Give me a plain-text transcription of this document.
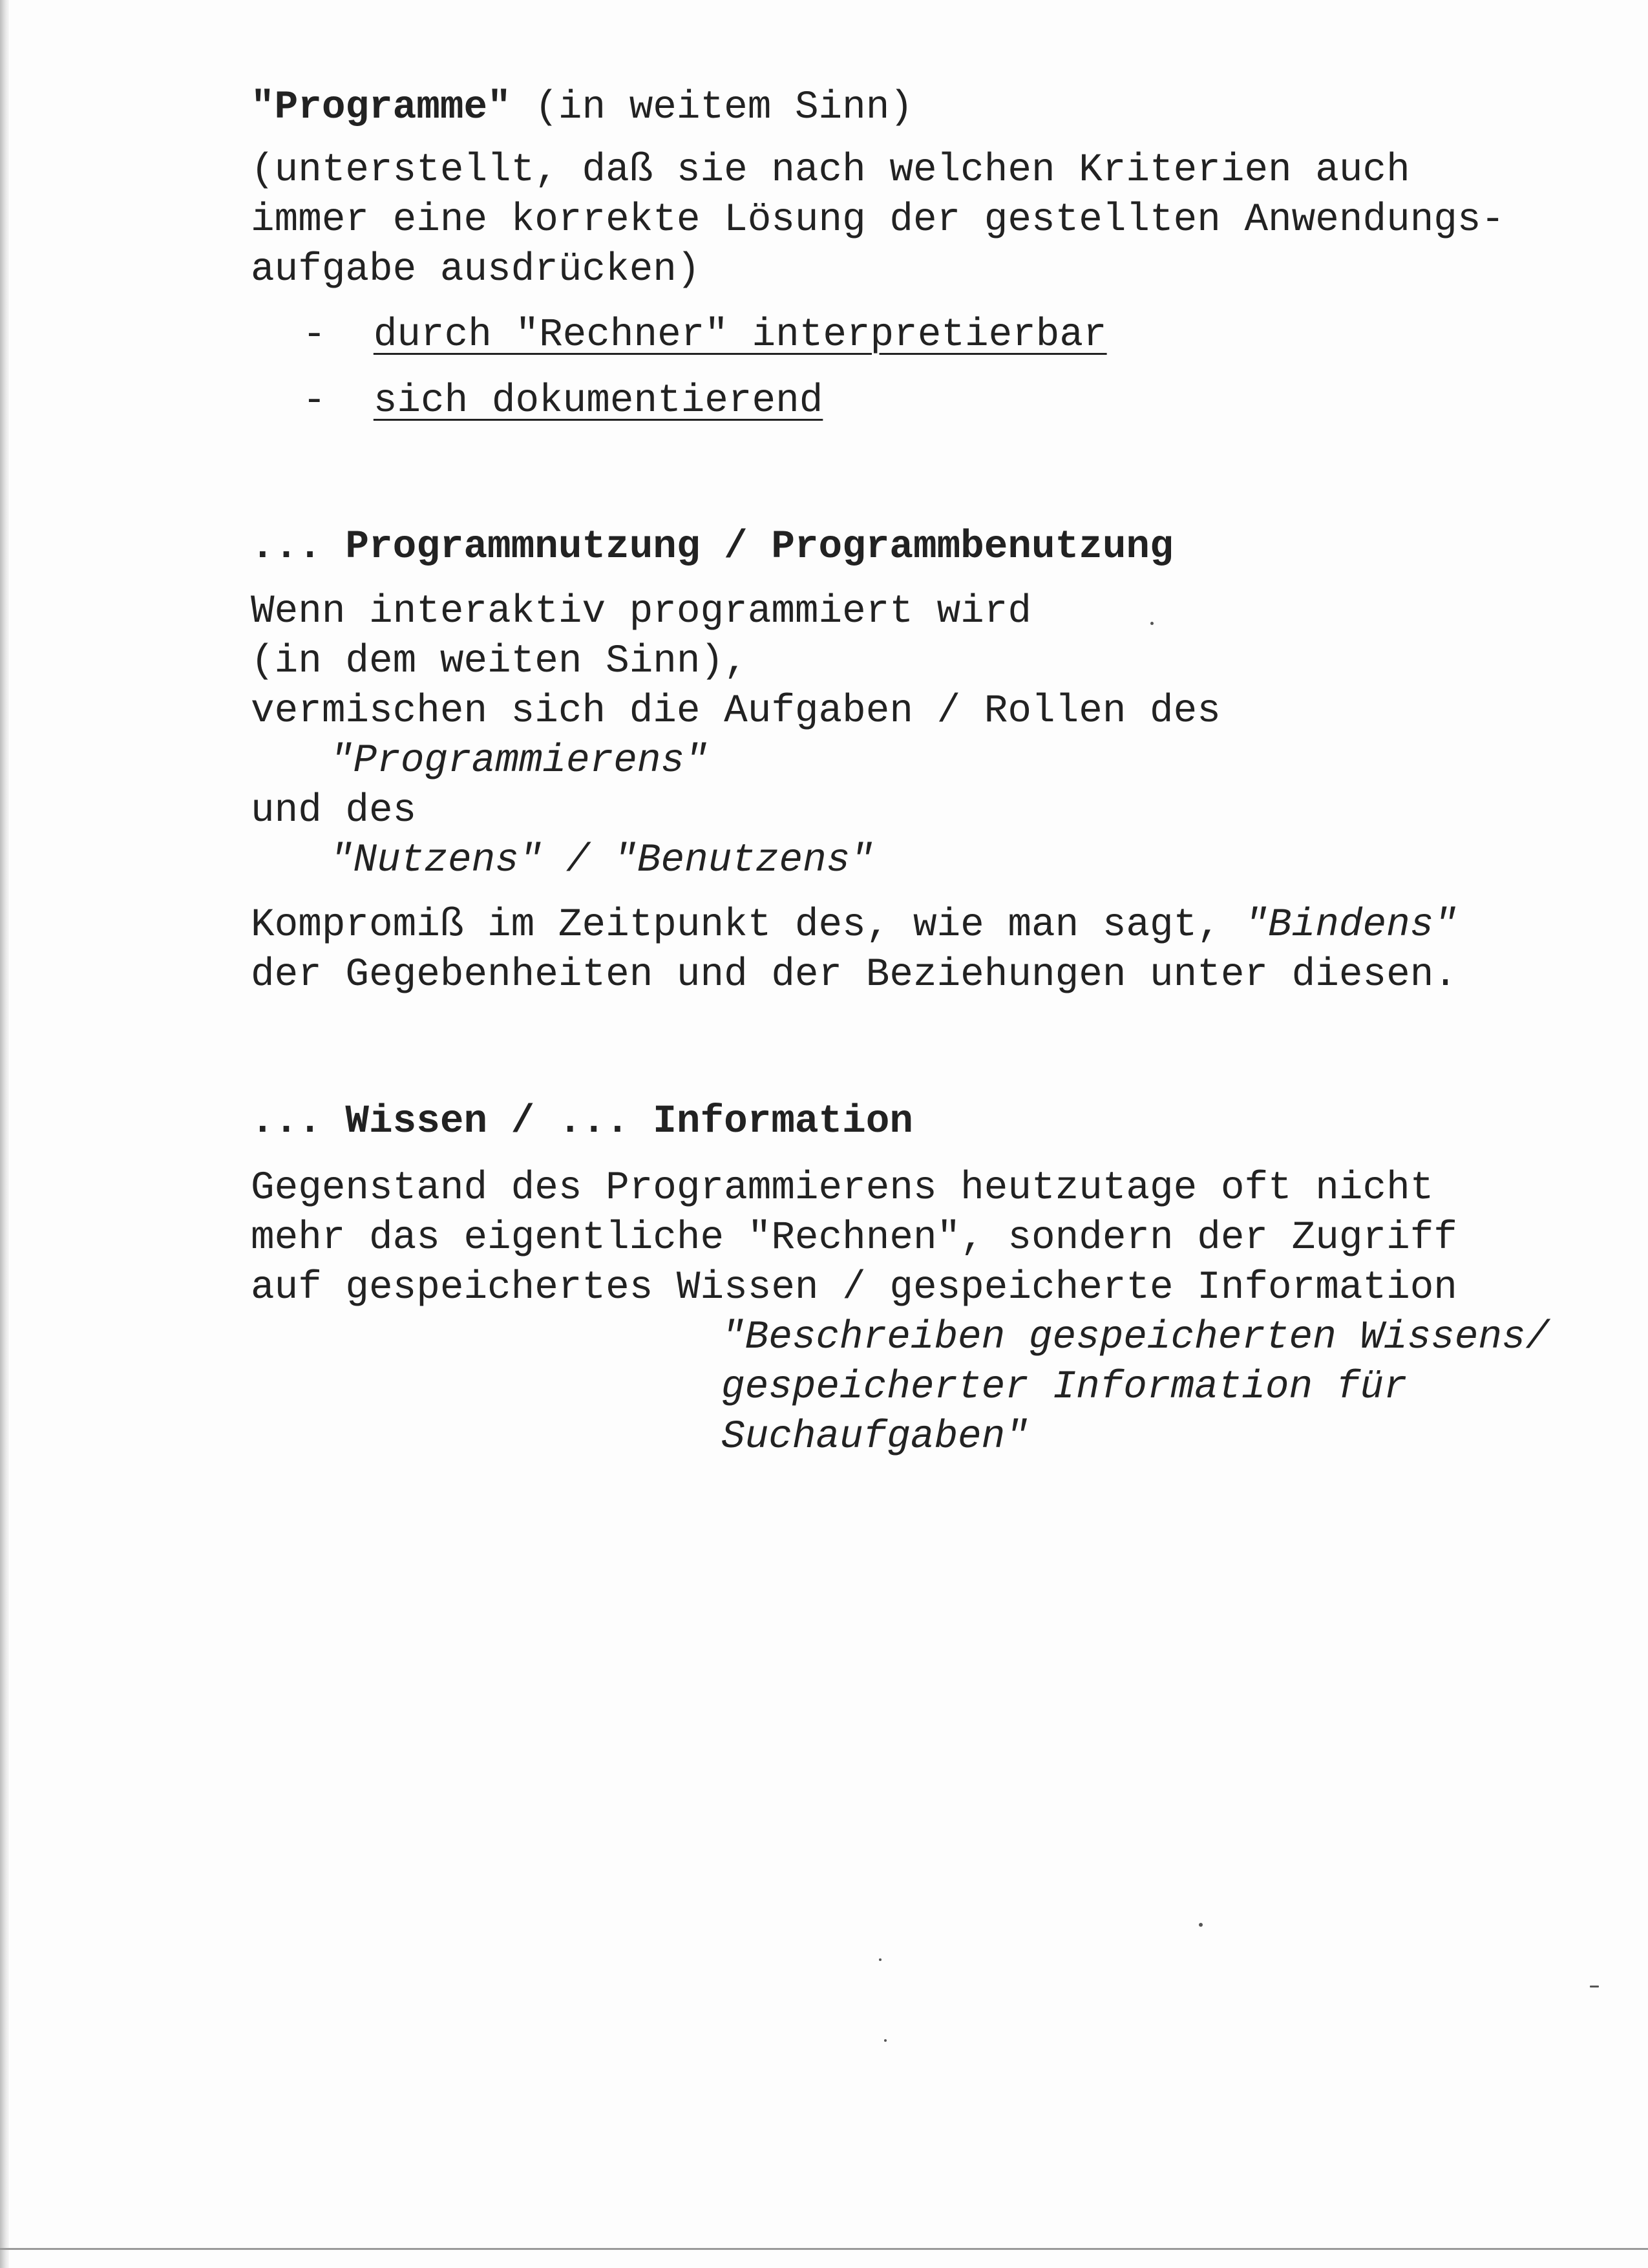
"Programme" (in weitem Sinn)

(unterstellt, daß sie nach welchen Kriterien auch

immer eine korrekte Lösung der gestellten Anwendungs-

aufgabe ausdrücken)

- durch "Rechner" interpretierbar

- sich dokumentierend

... Programmnutzung / Programmbenutzung

Wenn interaktiv programmiert wird

(in dem weiten Sinn),

vermischen sich die Aufgaben / Rollen des

"Programmierens"

und des

"Nutzens" / "Benutzens"

Kompromiß im Zeitpunkt des, wie man sagt, "Bindens"

der Gegebenheiten und der Beziehungen unter diesen.

... Wissen / ... Information

Gegenstand des Programmierens heutzutage oft nicht

mehr das eigentliche "Rechnen", sondern der Zugriff

auf gespeichertes Wissen / gespeicherte Information

"Beschreiben gespeicherten Wissens/

gespeicherter Information für

Suchaufgaben"
